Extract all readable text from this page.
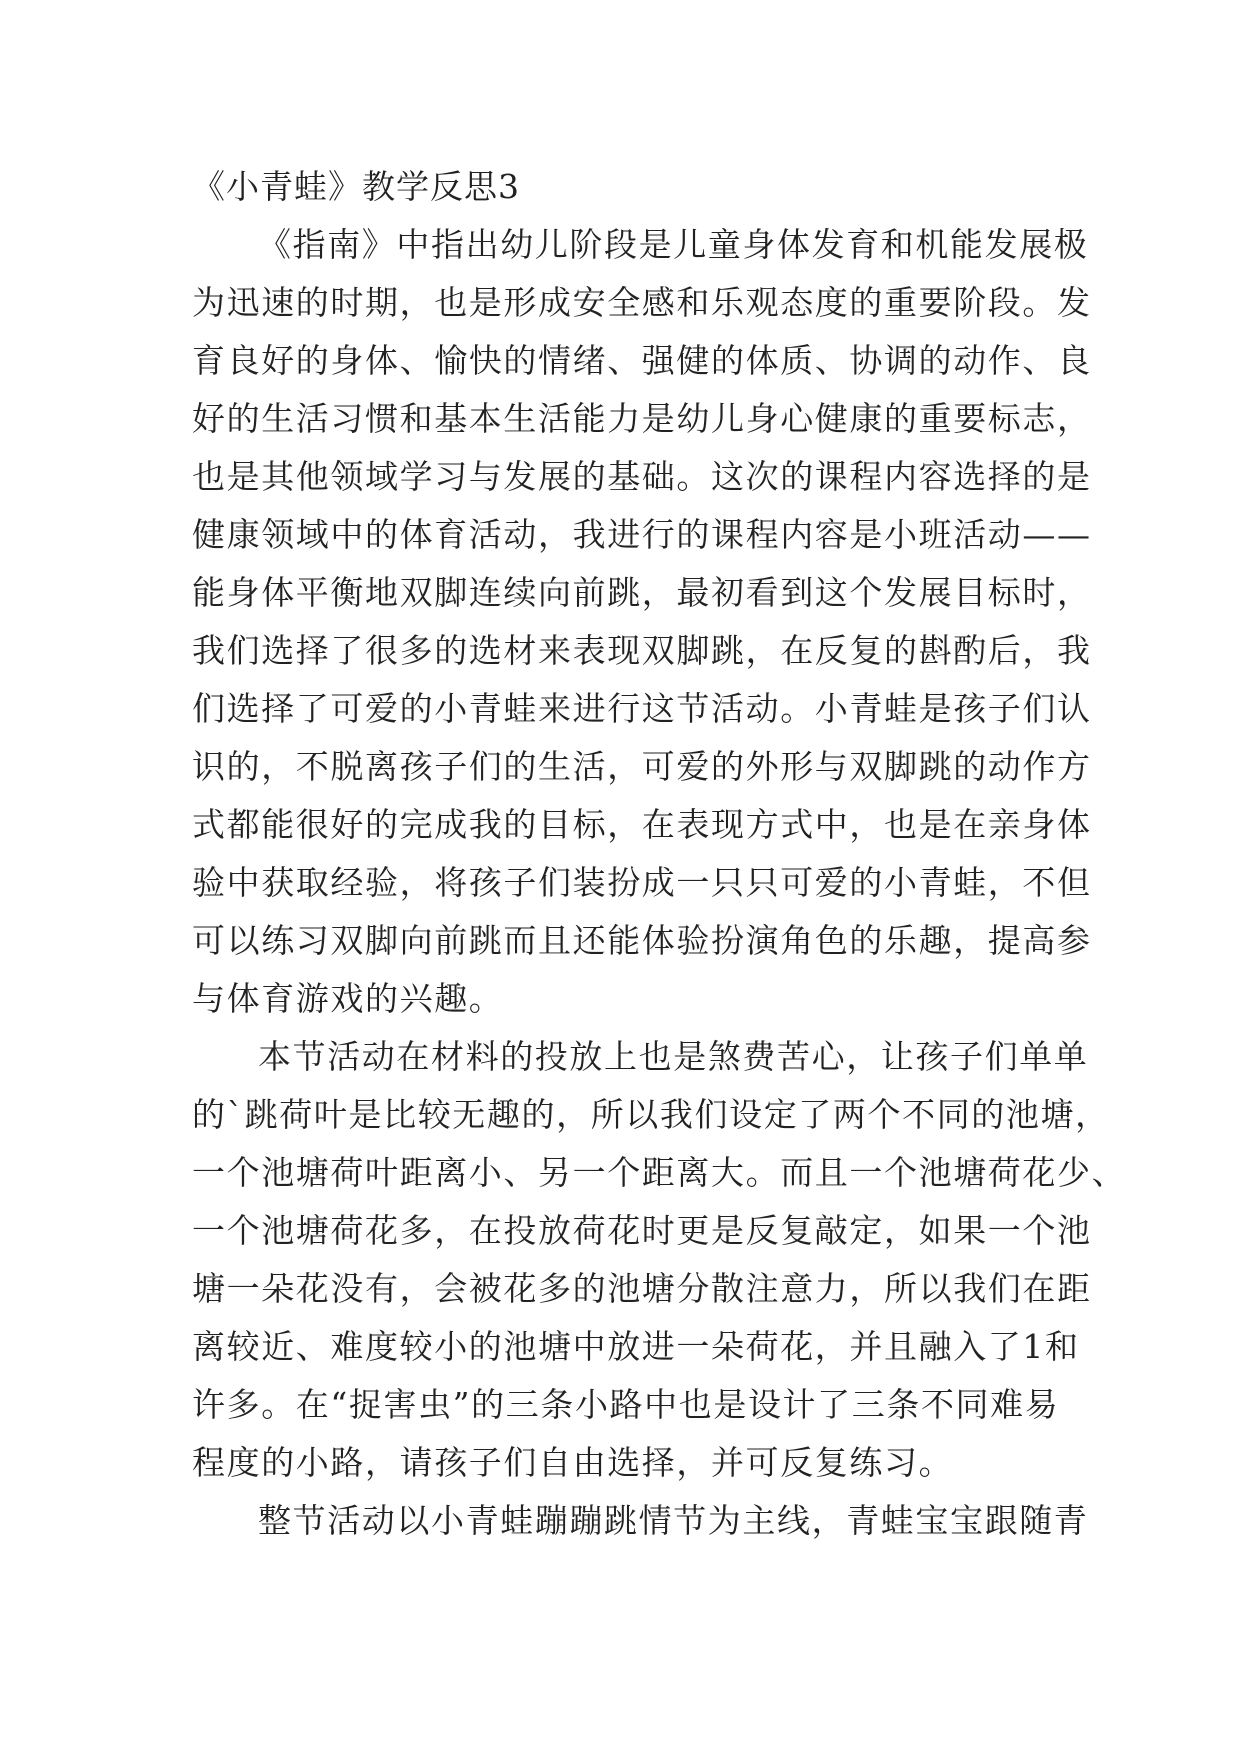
《小青蛙》教学反思3

《指南》中指出幼儿阶段是儿童身体发育和机能发展极
为迅速的时期，也是形成安全感和乐观态度的重要阶段。发
育良好的身体、愉快的情绪、强健的体质、协调的动作、良
好的生活习惯和基本生活能力是幼儿身心健康的重要标志，
也是其他领域学习与发展的基础。这次的课程内容选择的是
健康领域中的体育活动，我进行的课程内容是小班活动——
能身体平衡地双脚连续向前跳，最初看到这个发展目标时，
我们选择了很多的选材来表现双脚跳，在反复的斟酌后，我
们选择了可爱的小青蛙来进行这节活动。小青蛙是孩子们认
识的，不脱离孩子们的生活，可爱的外形与双脚跳的动作方
式都能很好的完成我的目标，在表现方式中，也是在亲身体
验中获取经验，将孩子们装扮成一只只可爱的小青蛙，不但
可以练习双脚向前跳而且还能体验扮演角色的乐趣，提高参
与体育游戏的兴趣。

本节活动在材料的投放上也是煞费苦心，让孩子们单单
的`跳荷叶是比较无趣的，所以我们设定了两个不同的池塘，
一个池塘荷叶距离小、另一个距离大。而且一个池塘荷花少、
一个池塘荷花多，在投放荷花时更是反复敲定，如果一个池
塘一朵花没有，会被花多的池塘分散注意力，所以我们在距
离较近、难度较小的池塘中放进一朵荷花，并且融入了1和
许多。在“捉害虫”的三条小路中也是设计了三条不同难易
程度的小路，请孩子们自由选择，并可反复练习。

整节活动以小青蛙蹦蹦跳情节为主线，青蛙宝宝跟随青
